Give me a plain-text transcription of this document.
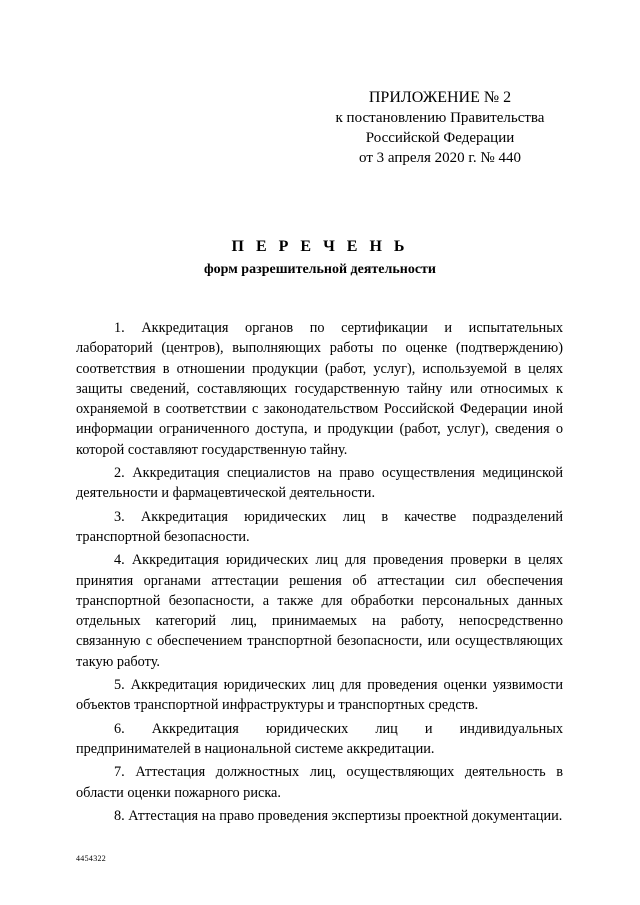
ПРИЛОЖЕНИЕ № 2
к постановлению Правительства
Российской Федерации
от 3 апреля 2020 г. № 440
П Е Р Е Ч Е Н Ь
форм разрешительной деятельности

1. Аккредитация органов по сертификации и испытательных лабораторий (центров), выполняющих работы по оценке (подтверждению) соответствия в отношении продукции (работ, услуг), используемой в целях защиты сведений, составляющих государственную тайну или относимых к охраняемой в соответствии с законодательством Российской Федерации иной информации ограниченного доступа, и продукции (работ, услуг), сведения о которой составляют государственную тайну.

2. Аккредитация специалистов на право осуществления медицинской деятельности и фармацевтической деятельности.

3. Аккредитация юридических лиц в качестве подразделений транспортной безопасности.

4. Аккредитация юридических лиц для проведения проверки в целях принятия органами аттестации решения об аттестации сил обеспечения транспортной безопасности, а также для обработки персональных данных отдельных категорий лиц, принимаемых на работу, непосредственно связанную с обеспечением транспортной безопасности, или осуществляющих такую работу.

5. Аккредитация юридических лиц для проведения оценки уязвимости объектов транспортной инфраструктуры и транспортных средств.

6. Аккредитация юридических лиц и индивидуальных предпринимателей в национальной системе аккредитации.

7. Аттестация должностных лиц, осуществляющих деятельность в области оценки пожарного риска.

8. Аттестация на право проведения экспертизы проектной документации.

4454322
